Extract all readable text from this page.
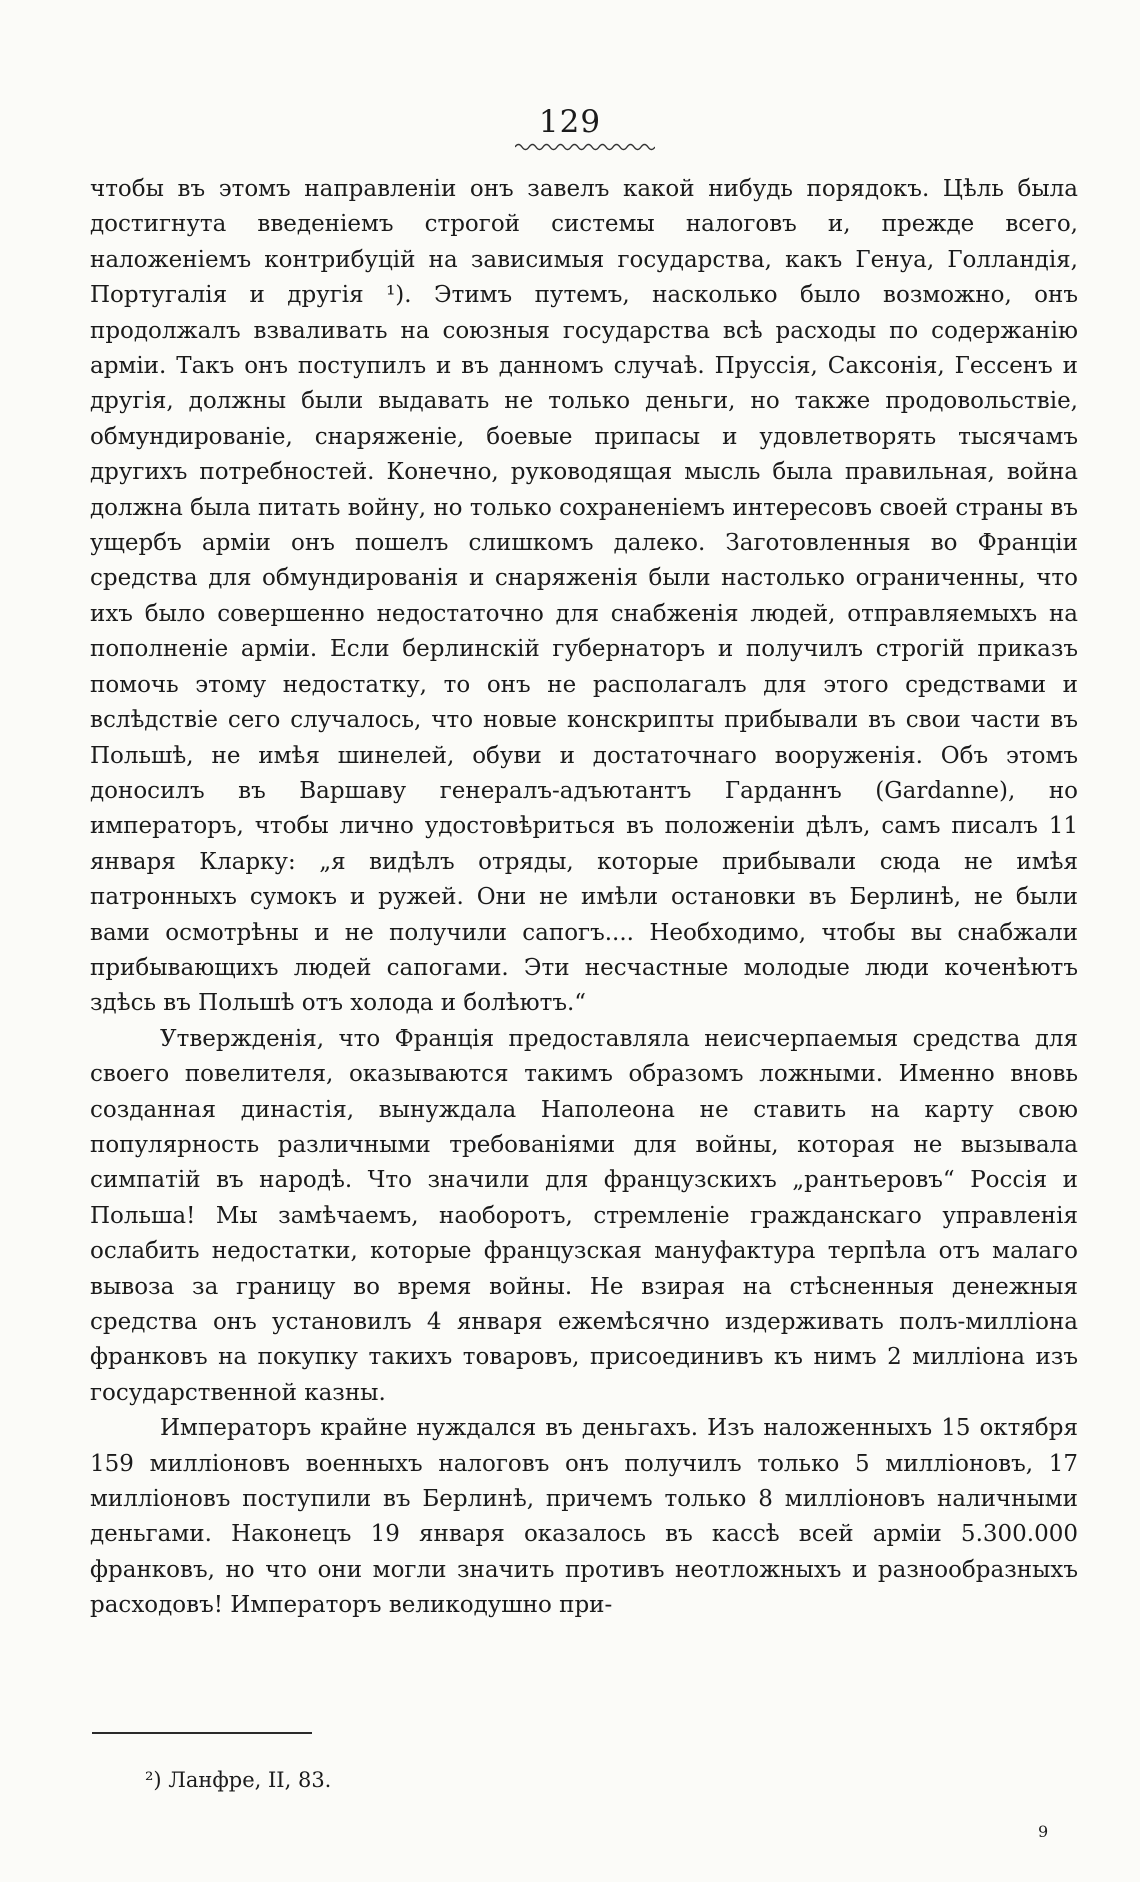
129

чтобы въ этомъ направленіи онъ завелъ какой нибудь порядокъ. Цѣль была достигнута введеніемъ строгой системы налоговъ и, прежде всего, наложеніемъ контрибуцій на зависимыя государства, какъ Генуа, Голландія, Португалія и другія ¹). Этимъ путемъ, насколько было возможно, онъ продолжалъ взваливать на союзныя государства всѣ расходы по содержанію арміи. Такъ онъ поступилъ и въ данномъ случаѣ. Пруссія, Саксонія, Гессенъ и другія, должны были выдавать не только деньги, но также продовольствіе, обмундированіе, снаряженіе, боевые припасы и удовлетворять тысячамъ другихъ потребностей. Конечно, руководящая мысль была правильная, война должна была питать войну, но только сохраненіемъ интересовъ своей страны въ ущербъ арміи онъ пошелъ слишкомъ далеко. Заготовленныя во Франціи средства для обмундированія и снаряженія были настолько ограниченны, что ихъ было совершенно недостаточно для снабженія людей, отправляемыхъ на пополненіе арміи. Если берлинскій губернаторъ и получилъ строгій приказъ помочь этому недостатку, то онъ не располагалъ для этого средствами и вслѣдствіе сего случалось, что новые конскрипты прибывали въ свои части въ Польшѣ, не имѣя шинелей, обуви и достаточнаго вооруженія. Объ этомъ доносилъ въ Варшаву генералъ-адъютантъ Гарданнъ (Gardanne), но императоръ, чтобы лично удостовѣриться въ положеніи дѣлъ, самъ писалъ 11 января Кларку: „я видѣлъ отряды, которые прибывали сюда не имѣя патронныхъ сумокъ и ружей. Они не имѣли остановки въ Берлинѣ, не были вами осмотрѣны и не получили сапогъ.... Необходимо, чтобы вы снабжали прибывающихъ людей сапогами. Эти несчастные молодые люди коченѣютъ здѣсь въ Польшѣ отъ холода и болѣютъ.“

Утвержденія, что Франція предоставляла неисчерпаемыя средства для своего повелителя, оказываются такимъ образомъ ложными. Именно вновь созданная династія, вынуждала Наполеона не ставить на карту свою популярность различными требованіями для войны, которая не вызывала симпатій въ народѣ. Что значили для французскихъ „рантьеровъ“ Россія и Польша! Мы замѣчаемъ, наоборотъ, стремленіе гражданскаго управленія ослабить недостатки, которые французская мануфактура терпѣла отъ малаго вывоза за границу во время войны. Не взирая на стѣсненныя денежныя средства онъ установилъ 4 января ежемѣсячно издерживать полъ-милліона франковъ на покупку такихъ товаровъ, присоединивъ къ нимъ 2 милліона изъ государственной казны.

Императоръ крайне нуждался въ деньгахъ. Изъ наложенныхъ 15 октября 159 милліоновъ военныхъ налоговъ онъ получилъ только 5 милліоновъ, 17 милліоновъ поступили въ Берлинѣ, причемъ только 8 милліоновъ наличными деньгами. Наконецъ 19 января оказалось въ кассѣ всей арміи 5.300.000 франковъ, но что они могли значить противъ неотложныхъ и разнообразныхъ расходовъ! Императоръ великодушно при-

²) Ланфре, II, 83.
9
